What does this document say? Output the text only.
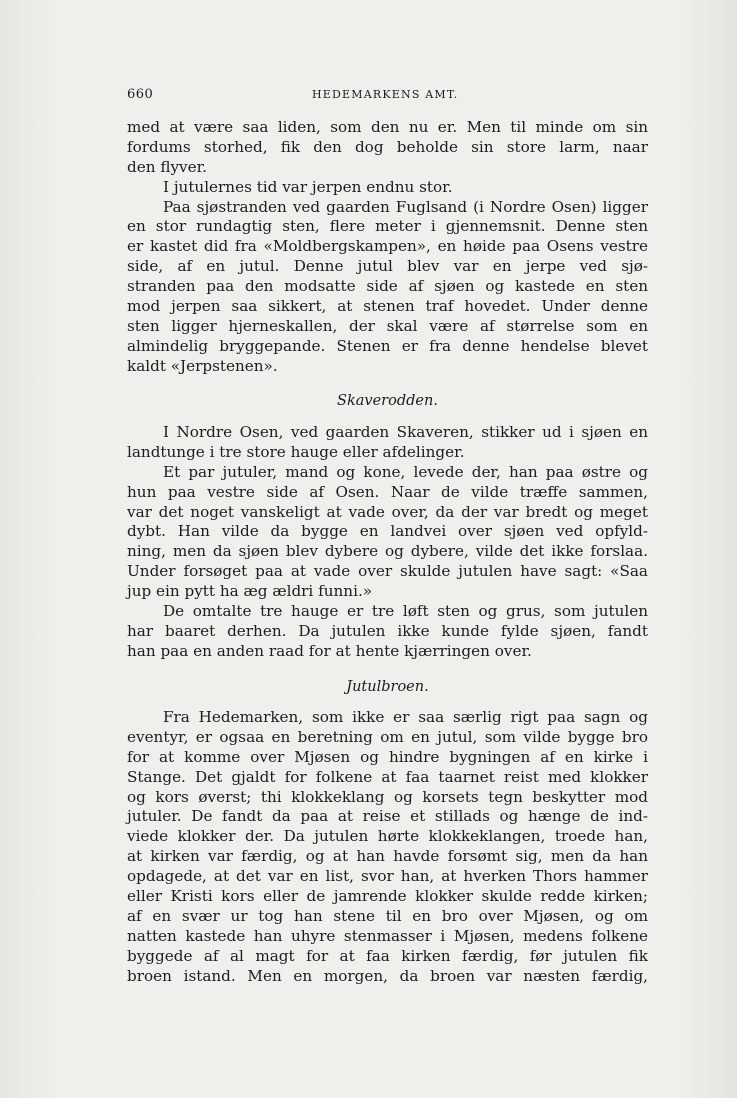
660	HEDEMARKENS AMT.
med at være saa liden, som den nu er. Men til minde om sin
fordums storhed, fik den dog beholde sin store larm, naar
den flyver.
I jutulernes tid var jerpen endnu stor.
Paa sjøstranden ved gaarden Fuglsand (i Nordre Osen) ligger
en stor rundagtig sten, flere meter i gjennemsnit. Denne sten
er kastet did fra «Moldbergskampen», en høide paa Osens vestre
side, af en jutul. Denne jutul blev var en jerpe ved sjø-
stranden paa den modsatte side af sjøen og kastede en sten
mod jerpen saa sikkert, at stenen traf hovedet. Under denne
sten ligger hjerneskallen, der skal være af størrelse som en
almindelig bryggepande. Stenen er fra denne hendelse blevet
kaldt «Jerpstenen».
Skaverodden.
I Nordre Osen, ved gaarden Skaveren, stikker ud i sjøen en
landtunge i tre store hauge eller afdelinger.
Et par jutuler, mand og kone, levede der, han paa østre og
hun paa vestre side af Osen. Naar de vilde træffe sammen,
var det noget vanskeligt at vade over, da der var bredt og meget
dybt. Han vilde da bygge en landvei over sjøen ved opfyld-
ning, men da sjøen blev dybere og dybere, vilde det ikke forslaa.
Under forsøget paa at vade over skulde jutulen have sagt: «Saa
jup ein pytt ha æg ældri funni.»
De omtalte tre hauge er tre løft sten og grus, som jutulen
har baaret derhen. Da jutulen ikke kunde fylde sjøen, fandt
han paa en anden raad for at hente kjærringen over.
Jutulbroen.
Fra Hedemarken, som ikke er saa særlig rigt paa sagn og
eventyr, er ogsaa en beretning om en jutul, som vilde bygge bro
for at komme over Mjøsen og hindre bygningen af en kirke i
Stange. Det gjaldt for folkene at faa taarnet reist med klokker
og kors øverst; thi klokkeklang og korsets tegn beskytter mod
jutuler. De fandt da paa at reise et stillads og hænge de ind-
viede klokker der. Da jutulen hørte klokkeklangen, troede han,
at kirken var færdig, og at han havde forsømt sig, men da han
opdagede, at det var en list, svor han, at hverken Thors hammer
eller Kristi kors eller de jamrende klokker skulde redde kirken;
af en svær ur tog han stene til en bro over Mjøsen, og om
natten kastede han uhyre stenmasser i Mjøsen, medens folkene
byggede af al magt for at faa kirken færdig, før jutulen fik
broen istand. Men en morgen, da broen var næsten færdig,
